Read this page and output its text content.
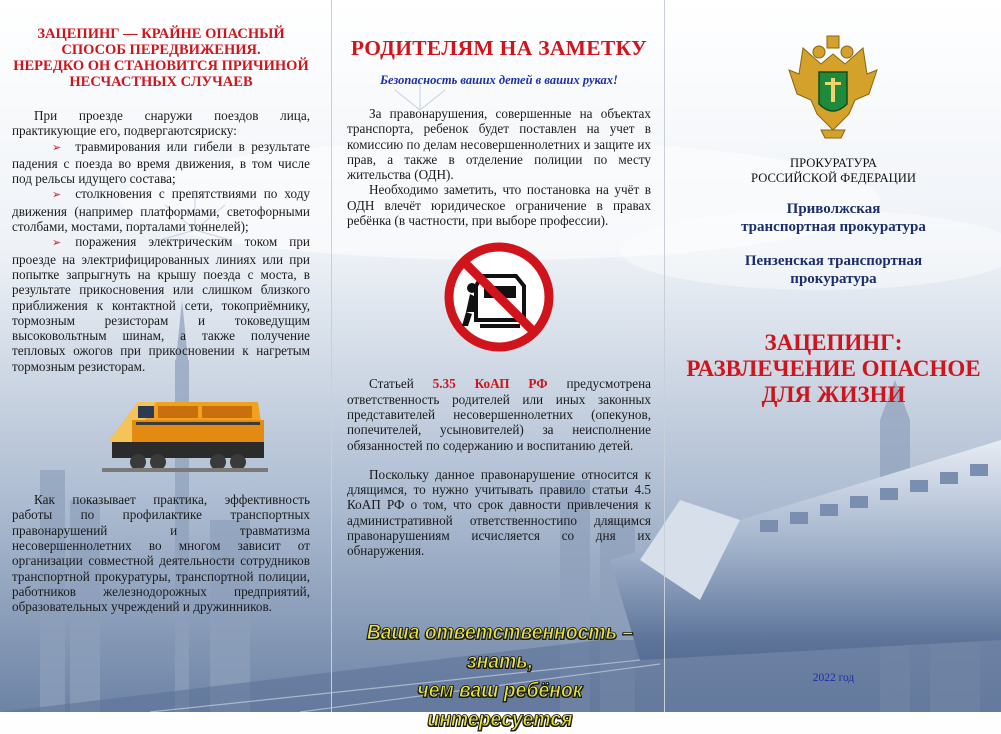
ЗАЦЕПИНГ — КРАЙНЕ ОПАСНЫЙ
СПОСОБ ПЕРЕДВИЖЕНИЯ.
НЕРЕДКО ОН СТАНОВИТСЯ ПРИЧИНОЙ
НЕСЧАСТНЫХ СЛУЧАЕВ

При проезде снаружи поездов лица, практикующие его, подвергаютсяриску:

➢ травмирования или гибели в результате падения с поезда во время движения, в том числе под рельсы идущего состава;

➢ столкновения с препятствиями по ходу движения (например платформами, светофорными столбами, мостами, порталами тоннелей);

➢ поражения электрическим током при проезде на электрифицированных линиях или при попытке запрыгнуть на крышу поезда с моста, в результате прикосновения или слишком близкого приближения к контактной сети, токоприёмнику, тормозным резисторам и токоведущим высоковольтным шинам, а также получение тепловых ожогов при прикосновении к нагретым тормозным резисторам.

Как показывает практика, эффективность работы по профилактике транспортных правонарушений и травматизма несовершеннолетних во многом зависит от организации совместной деятельности сотрудников транспортной прокуратуры, транспортной полиции, работников железнодорожных предприятий, образовательных учреждений и дружинников.

РОДИТЕЛЯМ НА ЗАМЕТКУ
Безопасность ваших детей в ваших руках!

За правонарушения, совершенные на объектах транспорта, ребенок будет поставлен на учет в комиссию по делам несовершеннолетних и защите их прав, а также в отделение полиции по месту жительства (ОДН).

Необходимо заметить, что постановка на учёт в ОДН влечёт юридическое ограничение в правах ребёнка (в частности, при выборе профессии).

Статьей 5.35 КоАП РФ предусмотрена ответственность родителей или иных законных представителей несовершеннолетних (опекунов, попечителей, усыновителей) за неисполнение обязанностей по содержанию и воспитанию детей.

Поскольку данное правонарушение относится к длящимся, то нужно учитывать правило статьи 4.5 КоАП РФ о том, что срок давности привлечения к административной ответственностипо длящимся правонарушениям исчисляется со дня их обнаружения.

Ваша ответственность – знать,
чем ваш ребёнок интересуется
ПРОКУРАТУРА
РОССИЙСКОЙ ФЕДЕРАЦИИ
Приволжская
транспортная прокуратура
Пензенская транспортная
прокуратура
ЗАЦЕПИНГ:
РАЗВЛЕЧЕНИЕ ОПАСНОЕ
ДЛЯ ЖИЗНИ
2022 год
